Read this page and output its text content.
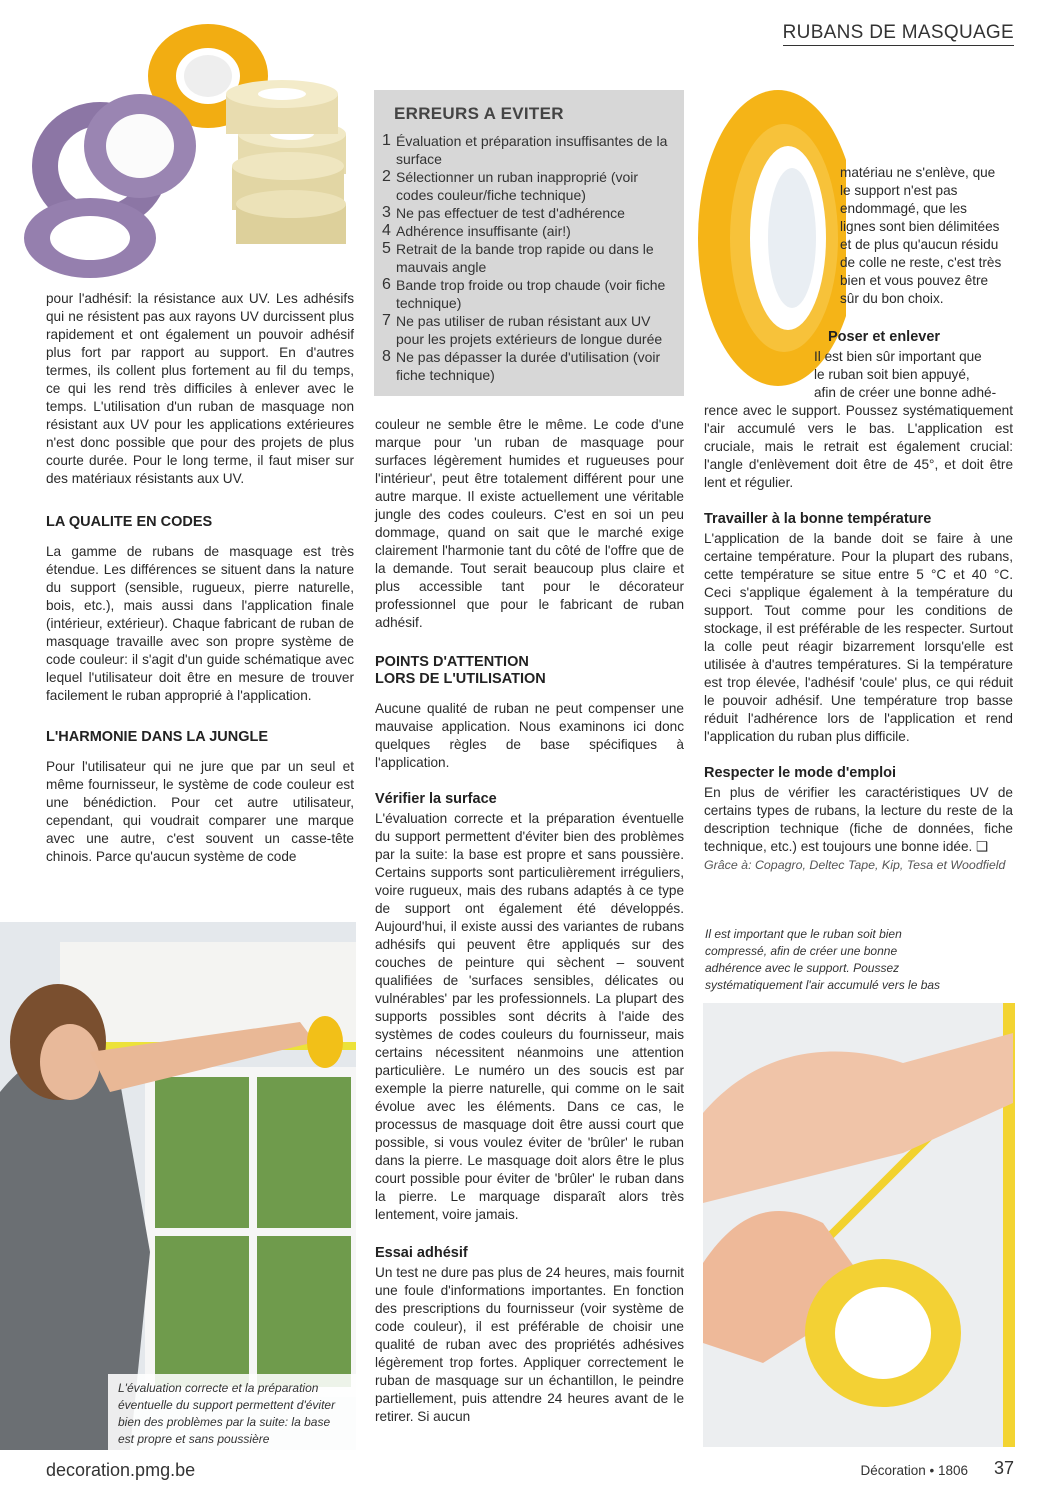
RUBANS DE MASQUAGE
ERREURS A EVITER
1 Évaluation et préparation insuffisantes de la surface
2 Sélectionner un ruban inapproprié (voir codes couleur/fiche technique)
3 Ne pas effectuer de test d'adhérence
4 Adhérence insuffisante (air!)
5 Retrait de la bande trop rapide ou dans le mauvais angle
6 Bande trop froide ou trop chaude (voir fiche technique)
7 Ne pas utiliser de ruban résistant aux UV pour les projets extérieurs de longue durée
8 Ne pas dépasser la durée d'utilisation (voir fiche technique)

pour l'adhésif: la résistance aux UV. Les adhésifs qui ne résistent pas aux rayons UV durcissent plus rapidement et ont également un pouvoir adhésif plus fort par rapport au support. En d'autres termes, ils collent plus fortement au fil du temps, ce qui les rend très difficiles à enlever avec le temps. L'utilisation d'un ruban de masquage non résistant aux UV pour les applications extérieures n'est donc possible que pour des projets de plus courte durée. Pour le long terme, il faut miser sur des matériaux résistants aux UV.

LA QUALITE EN CODES

La gamme de rubans de masquage est très étendue. Les différences se situent dans la nature du support (sensible, rugueux, pierre naturelle, bois, etc.), mais aussi dans l'application finale (intérieur, extérieur). Chaque fabricant de ruban de masquage travaille avec son propre système de code couleur: il s'agit d'un guide schématique avec lequel l'utilisateur doit être en mesure de trouver facilement le ruban approprié à l'application.

L'HARMONIE DANS LA JUNGLE

Pour l'utilisateur qui ne jure que par un seul et même fournisseur, le système de code couleur est une bénédiction. Pour cet autre utilisateur, cependant, qui voudrait comparer une marque avec une autre, c'est souvent un casse-tête chinois. Parce qu'aucun système de code

L'évaluation correcte et la préparation éventuelle du support permettent d'éviter bien des problèmes par la suite: la base est propre et sans poussière

couleur ne semble être le même. Le code d'une marque pour 'un ruban de masquage pour surfaces légèrement humides et rugueuses pour l'intérieur', peut être totalement différent pour une autre marque. Il existe actuellement une véritable jungle des codes couleurs. C'est en soi un peu dommage, quand on sait que le marché exige clairement l'harmonie tant du côté de l'offre que de la demande. Tout serait beaucoup plus claire et plus accessible tant pour le décorateur professionnel que pour le fabricant de ruban adhésif.

POINTS D'ATTENTION
LORS DE L'UTILISATION

Aucune qualité de ruban ne peut compenser une mauvaise application. Nous examinons ici donc quelques règles de base spécifiques à l'application.

Vérifier la surface

L'évaluation correcte et la préparation éventuelle du support permettent d'éviter bien des problèmes par la suite: la base est propre et sans poussière. Certains supports sont particulièrement irréguliers, voire rugueux, mais des rubans adaptés à ce type de support ont également été développés. Aujourd'hui, il existe aussi des variantes de rubans adhésifs qui peuvent être appliqués sur des couches de peinture qui sèchent – souvent qualifiées de 'surfaces sensibles, délicates ou vulnérables' par les professionnels. La plupart des supports possibles sont décrits à l'aide des systèmes de codes couleurs du fournisseur, mais certains nécessitent néanmoins une attention particulière. Le numéro un des soucis est par exemple la pierre naturelle, qui comme on le sait évolue avec les éléments. Dans ce cas, le processus de masquage doit être aussi court que possible, si vous voulez éviter de 'brûler' le ruban dans la pierre. Le masquage doit alors être le plus court possible pour éviter de 'brûler' le ruban dans la pierre. Le marquage disparaît alors très lentement, voire jamais.

Essai adhésif

Un test ne dure pas plus de 24 heures, mais fournit une foule d'informations importantes. En fonction des prescriptions du fournisseur (voir système de code couleur), il est préférable de choisir une qualité de ruban avec des propriétés adhésives légèrement trop fortes. Appliquer correctement le ruban de masquage sur un échantillon, le peindre partiellement, puis attendre 24 heures avant de le retirer. Si aucun

matériau ne s'enlève, que
le support n'est pas
endommagé, que les
lignes sont bien délimitées
et de plus qu'aucun résidu
de colle ne reste, c'est très
bien et vous pouvez être
sûr du bon choix.

Poser et enlever

Il est bien sûr important que
le ruban soit bien appuyé,
afin de créer une bonne adhé-

rence avec le support. Poussez systématiquement l'air accumulé vers le bas. L'application est cruciale, mais le retrait est également crucial: l'angle d'enlèvement doit être de 45°, et doit être lent et régulier.

Travailler à la bonne température

L'application de la bande doit se faire à une certaine température. Pour la plupart des rubans, cette température se situe entre 5 °C et 40 °C. Ceci s'applique également à la température du support. Tout comme pour les conditions de stockage, il est préférable de les respecter. Surtout la colle peut réagir bizarrement lorsqu'elle est utilisée à d'autres températures. Si la température est trop élevée, l'adhésif 'coule' plus, ce qui réduit le pouvoir adhésif. Une température trop basse réduit l'adhérence lors de l'application et rend l'application du ruban plus difficile.

Respecter le mode d'emploi

En plus de vérifier les caractéristiques UV de certains types de rubans, la lecture du reste de la description technique (fiche de données, fiche technique, etc.) est toujours une bonne idée. ❑

Grâce à: Copagro, Deltec Tape, Kip, Tesa et Woodfield

Il est important que le ruban soit bien compressé, afin de créer une bonne adhérence avec le support. Poussez systématiquement l'air accumulé vers le bas
decoration.pmg.be	Décoration • 1806 37
